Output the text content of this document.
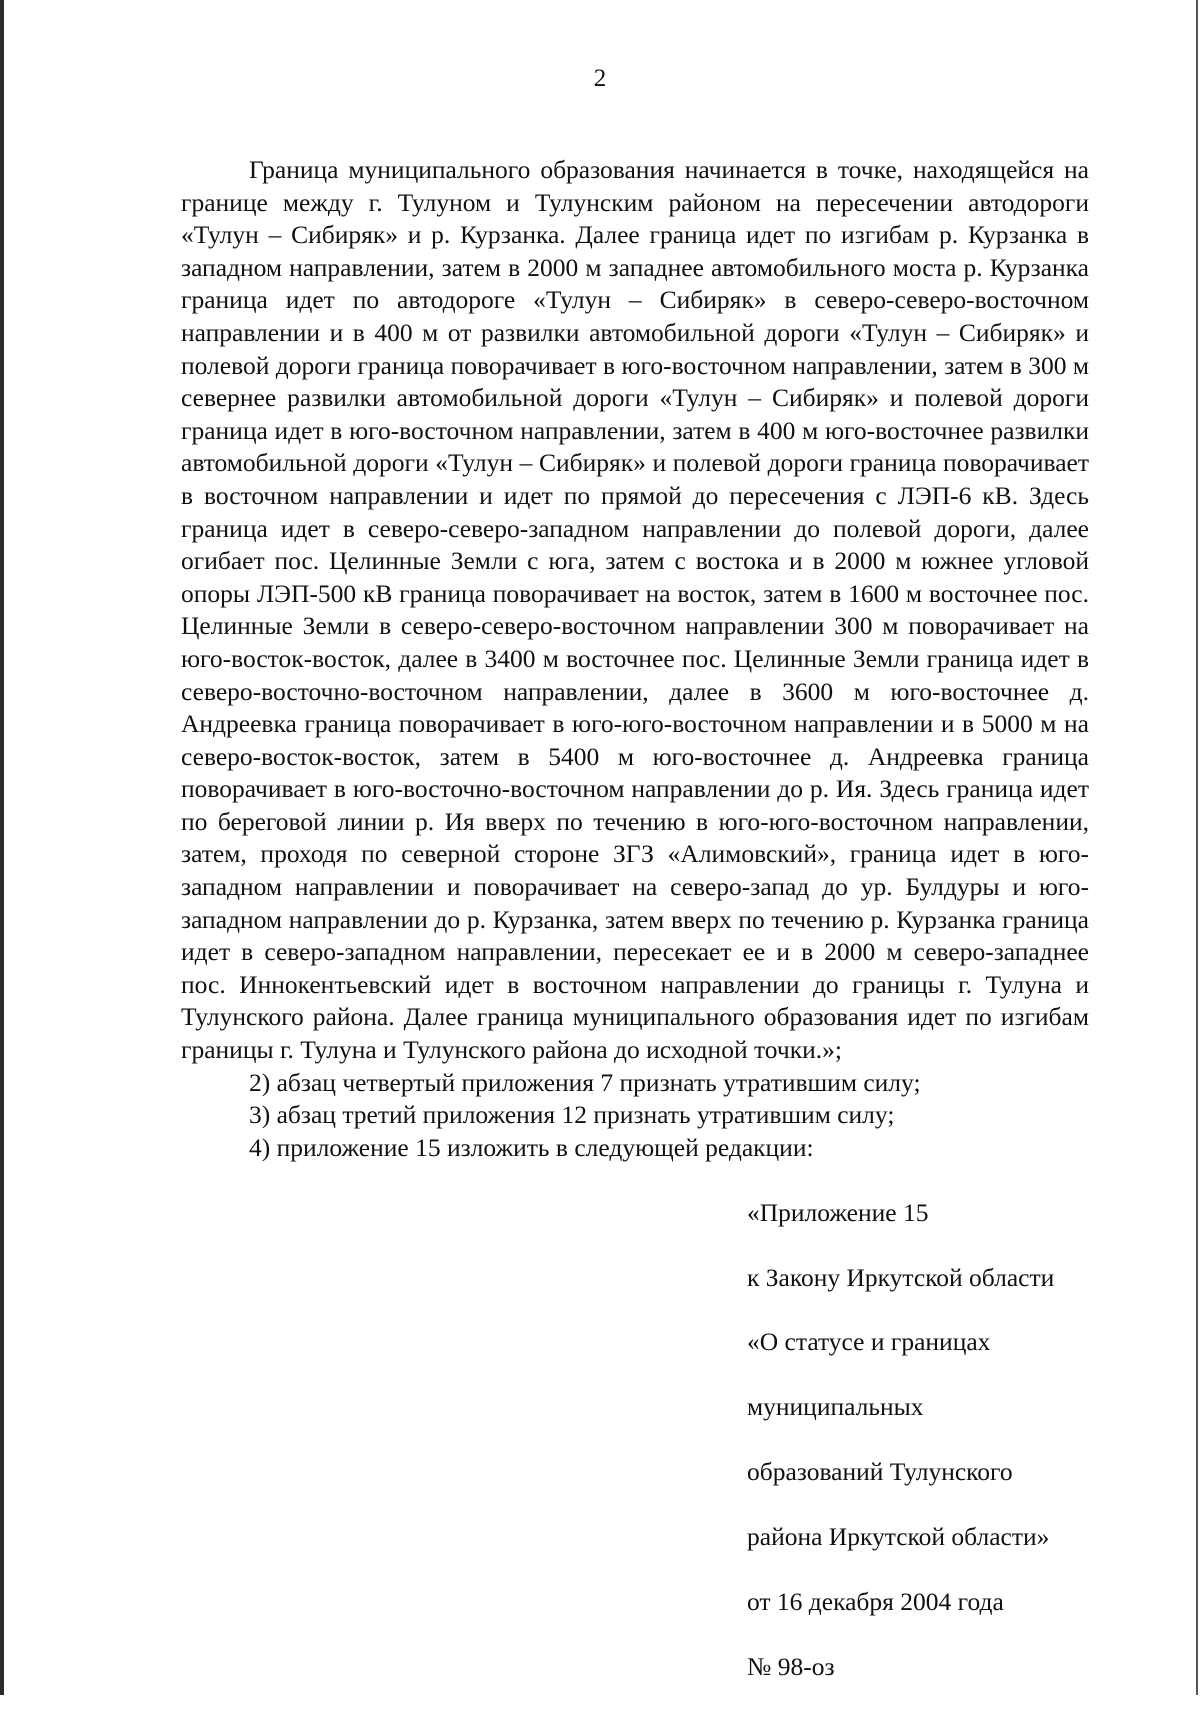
2

Граница муниципального образования начинается в точке, находящейся на границе между г. Тулуном и Тулунским районом на пересечении автодороги «Тулун – Сибиряк» и р. Курзанка. Далее граница идет по изгибам р. Курзанка в западном направлении, затем в 2000 м западнее автомобильного моста р. Курзанка граница идет по автодороге «Тулун – Сибиряк» в северо-северо-восточном направлении и в 400 м от развилки автомобильной дороги «Тулун – Сибиряк» и полевой дороги граница поворачивает в юго-восточном направлении, затем в 300 м севернее развилки автомобильной дороги «Тулун – Сибиряк» и полевой дороги граница идет в юго-восточном направлении, затем в 400 м юго-восточнее развилки автомобильной дороги «Тулун – Сибиряк» и полевой дороги граница поворачивает в восточном направлении и идет по прямой до пересечения с ЛЭП-6 кВ. Здесь граница идет в северо-северо-западном направлении до полевой дороги, далее огибает пос. Целинные Земли с юга, затем с востока и в 2000 м южнее угловой опоры ЛЭП-500 кВ граница поворачивает на восток, затем в 1600 м восточнее пос. Целинные Земли в северо-северо-восточном направлении 300 м поворачивает на юго-восток-восток, далее в 3400 м восточнее пос. Целинные Земли граница идет в северо-восточно-восточном направлении, далее в 3600 м юго-восточнее д. Андреевка граница поворачивает в юго-юго-восточном направлении и в 5000 м на северо-восток-восток, затем в 5400 м юго-восточнее д. Андреевка граница поворачивает в юго-восточно-восточном направлении до р. Ия. Здесь граница идет по береговой линии р. Ия вверх по течению в юго-юго-восточном направлении, затем, проходя по северной стороне ЗГЗ «Алимовский», граница идет в юго-западном направлении и поворачивает на северо-запад до ур. Булдуры и юго-западном направлении до р. Курзанка, затем вверх по течению р. Курзанка граница идет в северо-западном направлении, пересекает ее и в 2000 м северо-западнее пос. Иннокентьевский идет в восточном направлении до границы г. Тулуна и Тулунского района. Далее граница муниципального образования идет по изгибам границы г. Тулуна и Тулунского района до исходной точки.»;

2) абзац четвертый приложения 7 признать утратившим силу;

3) абзац третий приложения 12 признать утратившим силу;

4) приложение 15 изложить в следующей редакции:

«Приложение 15

к Закону Иркутской области

«О статусе и границах

муниципальных

образований Тулунского

района Иркутской области»

от 16 декабря 2004 года

№ 98-оз
